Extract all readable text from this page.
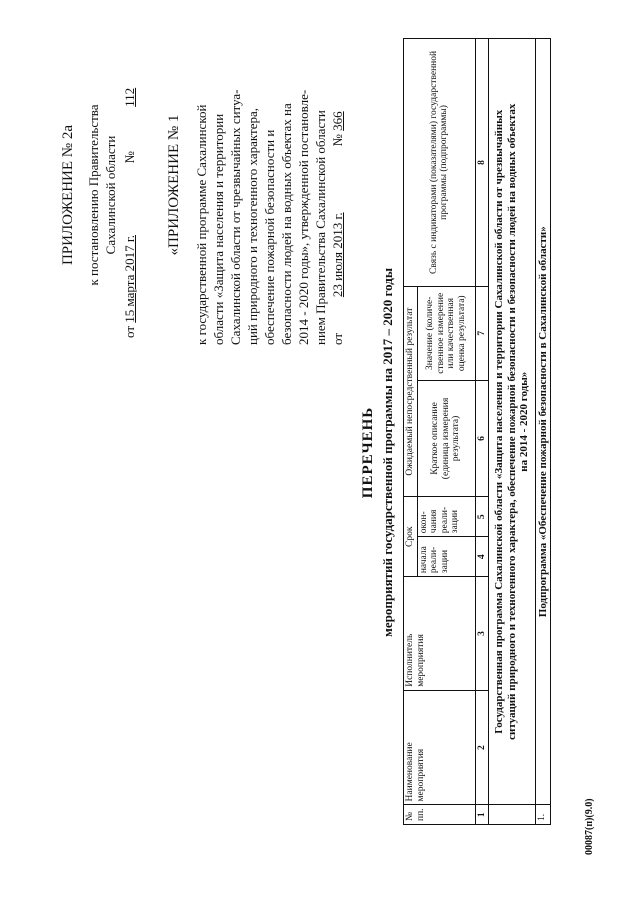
ПРИЛОЖЕНИЕ № 2а к постановлению Правительства Сахалинской области
от 15 марта 2017 г. № 112
«ПРИЛОЖЕНИЕ № 1 к государственной программе Сахалинской области «Защита населения и территории Сахалинской области от чрезвычайных ситуа- ций природного и техногенного характера, обеспечение пожарной безопасности и безопасности людей на водных объектах на 2014 - 2020 годы», утвержденной постановле- нием Правительства Сахалинской области от 23 июля 2013 г. № 366
ПЕРЕЧЕНЬ мероприятий государственной программы на 2017 – 2020 годы
№ пп.	Наименование мероприятия	Исполнитель мероприятия	Срок		Ожидаемый непосредственный результат		Связь с индикаторами (показателями) государственной программы (подпрограммы)
			начала реали-зации	окон-чания реали-зации	Краткое описание (единица измерения результата)	Значение (количе-ственное измерение или качественная оценка результата)	
1	2	3	4	5	6	7	8
	Государственная программа Сахалинской области «Защита населения и территории Сахалинской области от чрезвычайных ситуаций природного и техногенного характера, обеспечение пожарной безопасности и безопасности людей на водных объектах на 2014 - 2020 годы»						
1.	Подпрограмма «Обеспечение пожарной безопасности в Сахалинской области»						
00087(п)(9.0)
